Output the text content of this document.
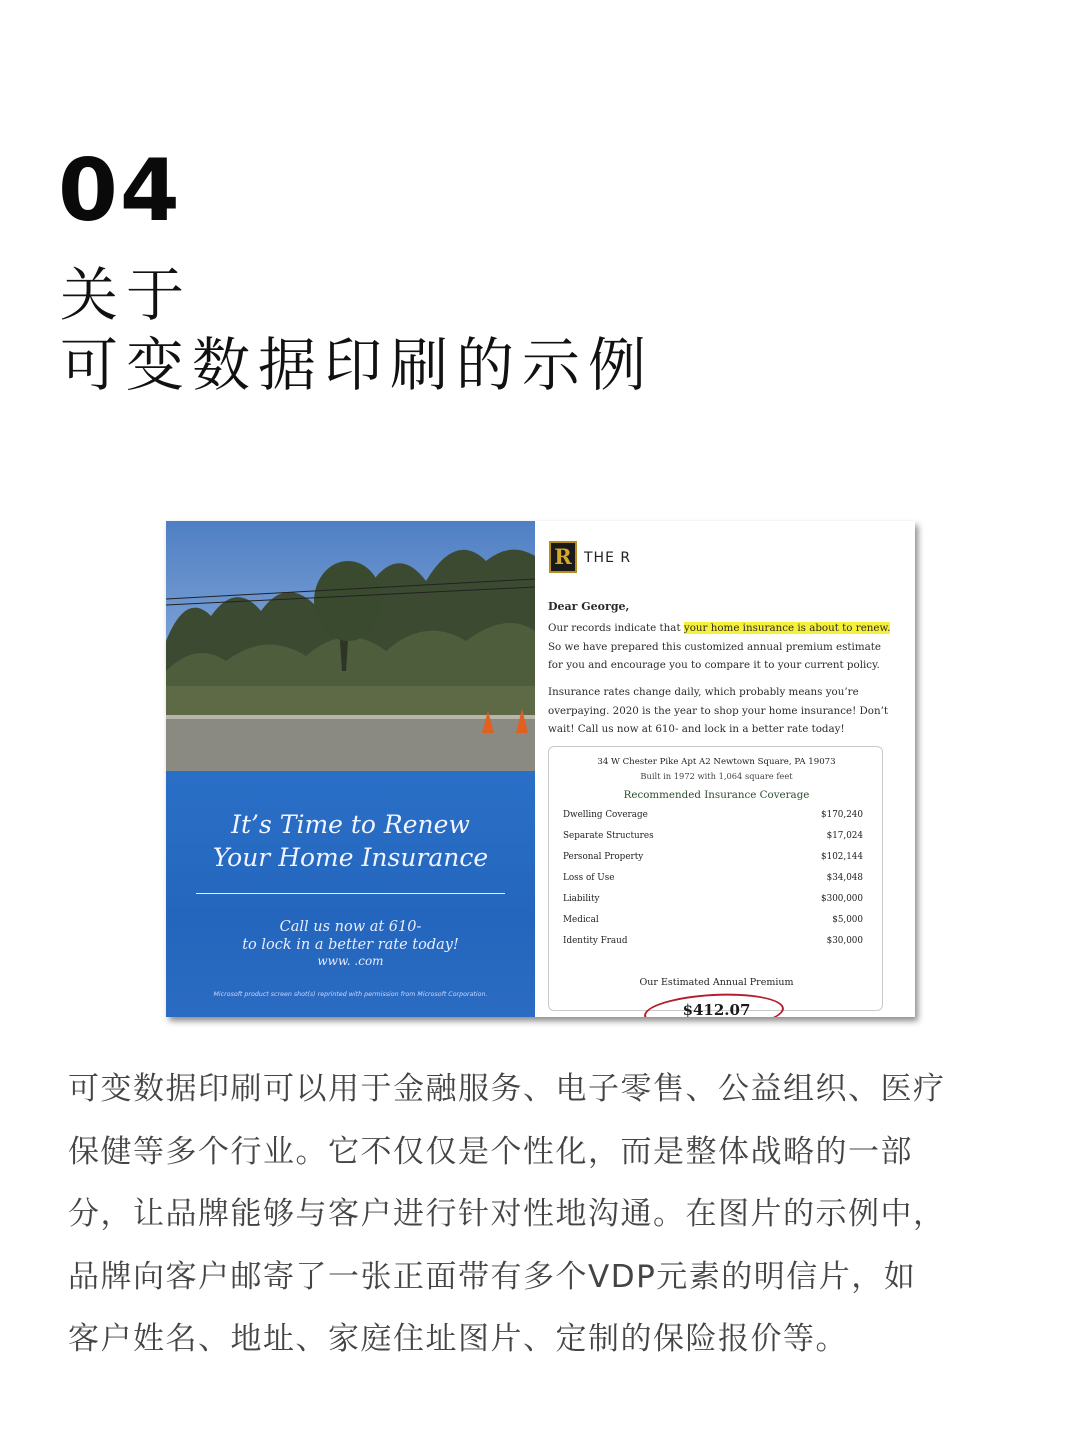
04
关于
可变数据印刷的示例
It’s Time to Renew
Your Home Insurance
Call us now at 610-
to lock in a better rate today!
www. .com
Microsoft product screen shot(s) reprinted with permission from Microsoft Corporation.
R THE R
Dear George,
Our records indicate that your home insurance is about to renew.
So we have prepared this customized annual premium estimate
for you and encourage you to compare it to your current policy.
Insurance rates change daily, which probably means you’re
overpaying. 2020 is the year to shop your home insurance! Don’t
wait! Call us now at 610- and lock in a better rate today!
34 W Chester Pike Apt A2 Newtown Square, PA 19073
Built in 1972 with 1,064 square feet
Recommended Insurance Coverage
Dwelling Coverage	$170,240
Separate Structures	$17,024
Personal Property	$102,144
Loss of Use	$34,048
Liability	$300,000
Medical	$5,000
Identity Fraud	$30,000
Our Estimated Annual Premium
$412.07
可变数据印刷可以用于金融服务、电子零售、公益组织、医疗
保健等多个行业。它不仅仅是个性化，而是整体战略的一部
分，让品牌能够与客户进行针对性地沟通。在图片的示例中，
品牌向客户邮寄了一张正面带有多个VDP元素的明信片，如
客户姓名、地址、家庭住址图片、定制的保险报价等。
